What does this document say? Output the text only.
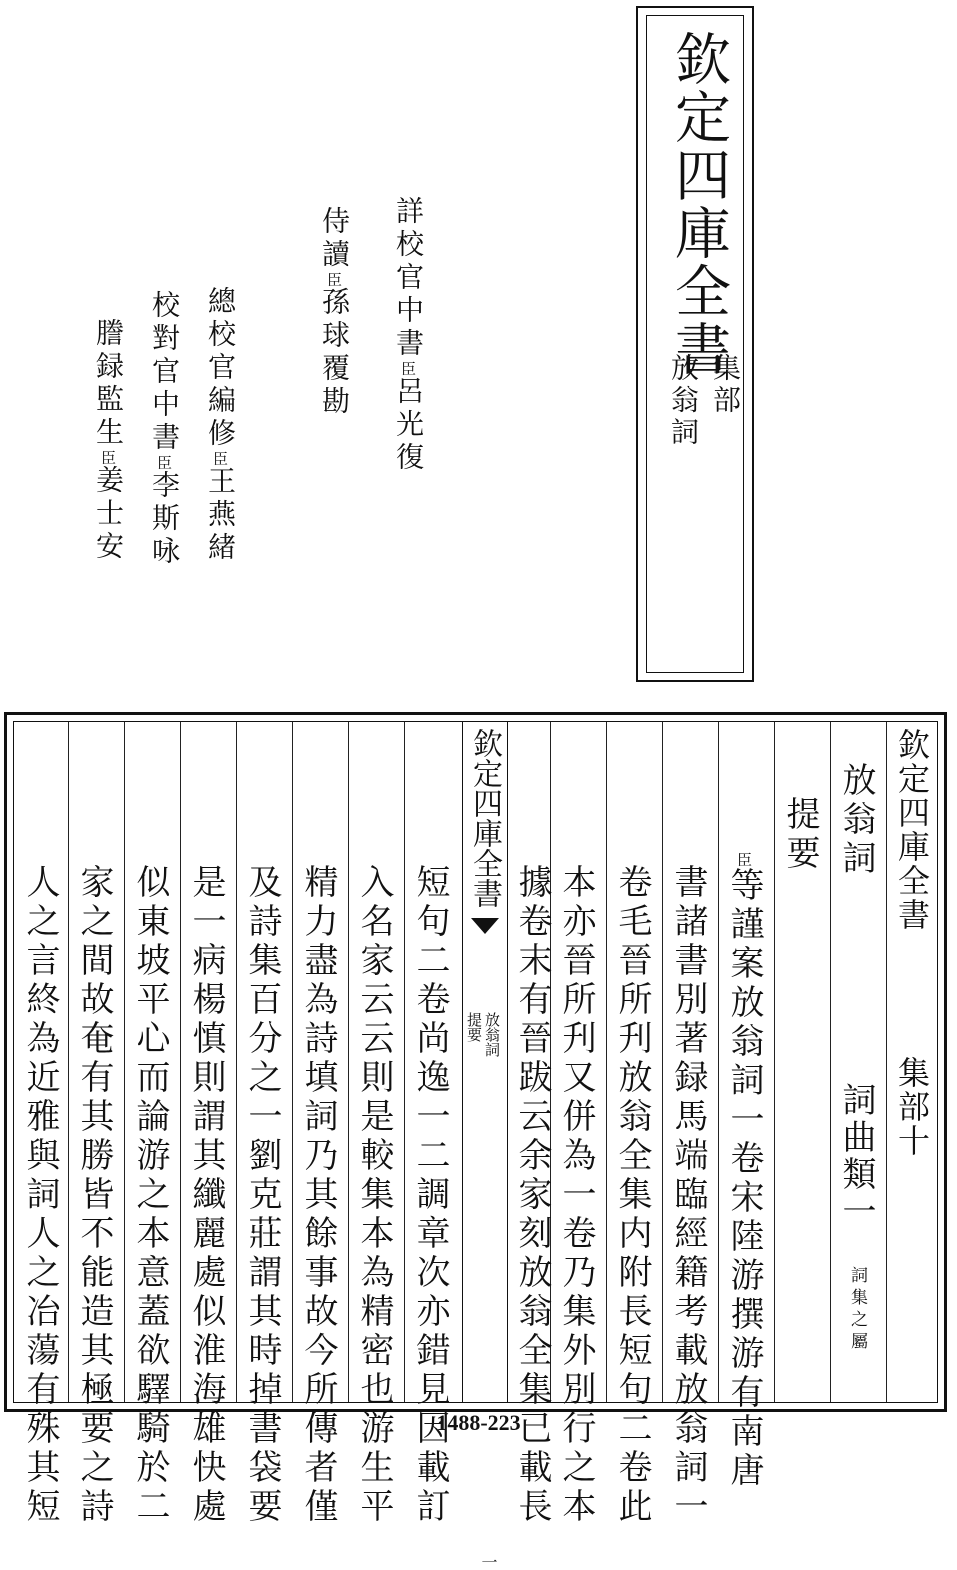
欽定四庫全書
集部
放翁詞
詳校官中書臣呂光復
侍讀臣孫球覆勘
總校官編修臣王燕緒
校對官中書臣李斯咏
謄録監生臣姜士安
欽定四庫全書
集部十
放翁詞
詞曲類一
詞集之屬
提要
臣等謹案放翁詞一卷宋陸游撰游有南唐
書諸書別著録馬端臨經籍考載放翁詞一
卷毛晉所刋放翁全集内附長短句二卷此
本亦晉所刋又併為一卷乃集外別行之本
據卷末有晉跋云余家刻放翁全集已載長
欽定四庫全書
放翁詞
提要
一
短句二卷尚逸一二調章次亦錯見因載訂
入名家云云則是較集本為精密也游生平
精力盡為詩填詞乃其餘事故今所傳者僅
及詩集百分之一劉克莊謂其時掉書袋要
是一病楊慎則謂其纖麗處似淮海雄快處
似東坡平心而論游之本意蓋欲驛騎於二
家之間故奄有其勝皆不能造其極要之詩
人之言終為近雅與詞人之冶蕩有殊其短	1488-223
